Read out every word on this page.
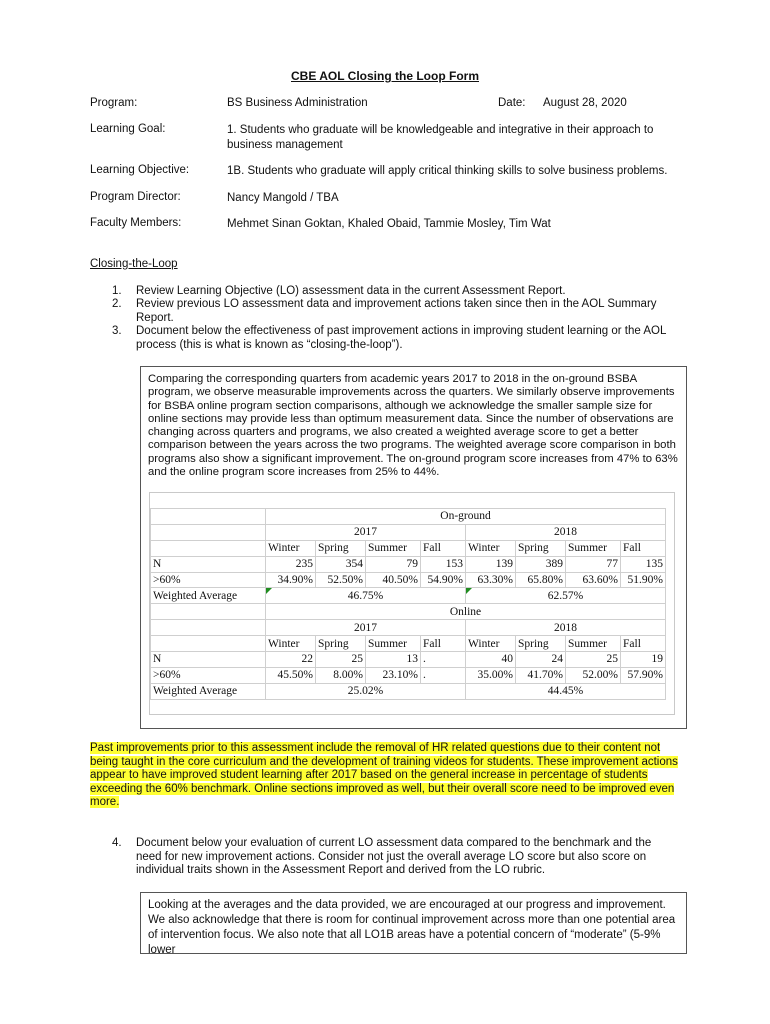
CBE AOL Closing the Loop Form
Program:	BS Business Administration	Date: August 28, 2020
Learning Goal:	1. Students who graduate will be knowledgeable and integrative in their approach to business management
Learning Objective:	1B. Students who graduate will apply critical thinking skills to solve business problems.
Program Director:	Nancy Mangold / TBA
Faculty Members:	Mehmet Sinan Goktan, Khaled Obaid, Tammie Mosley, Tim Wat
Closing-the-Loop
1.	Review Learning Objective (LO) assessment data in the current Assessment Report.
2.	Review previous LO assessment data and improvement actions taken since then in the AOL Summary Report.
3.	Document below the effectiveness of past improvement actions in improving student learning or the AOL process (this is what is known as “closing-the-loop”).
Comparing the corresponding quarters from academic years 2017 to 2018 in the on-ground BSBA program, we observe measurable improvements across the quarters. We similarly observe improvements for BSBA online program section comparisons, although we acknowledge the smaller sample size for online sections may provide less than optimum measurement data. Since the number of observations are changing across quarters and programs, we also created a weighted average score to get a better comparison between the years across the two programs. The weighted average score comparison in both programs also show a significant improvement. The on-ground program score increases from 47% to 63% and the online program score increases from 25% to 44%.
	On-ground							
	2017				2018			
	Winter	Spring	Summer	Fall	Winter	Spring	Summer	Fall
N	235	354	79	153	139	389	77	135
>60%	34.90%	52.50%	40.50%	54.90%	63.30%	65.80%	63.60%	51.90%
Weighted Average	46.75%				62.57%			
	Online							
	2017				2018			
	Winter	Spring	Summer	Fall	Winter	Spring	Summer	Fall
N	22	25	13	.	40	24	25	19
>60%	45.50%	8.00%	23.10%	.	35.00%	41.70%	52.00%	57.90%
Weighted Average	25.02%				44.45%			
Past improvements prior to this assessment include the removal of HR related questions due to their content not being taught in the core curriculum and the development of training videos for students. These improvement actions appear to have improved student learning after 2017 based on the general increase in percentage of students exceeding the 60% benchmark. Online sections improved as well, but their overall score need to be improved even more.
4.	Document below your evaluation of current LO assessment data compared to the benchmark and the need for new improvement actions. Consider not just the overall average LO score but also score on individual traits shown in the Assessment Report and derived from the LO rubric.
Looking at the averages and the data provided, we are encouraged at our progress and improvement. We also acknowledge that there is room for continual improvement across more than one potential area of intervention focus. We also note that all LO1B areas have a potential concern of “moderate” (5-9% lower
